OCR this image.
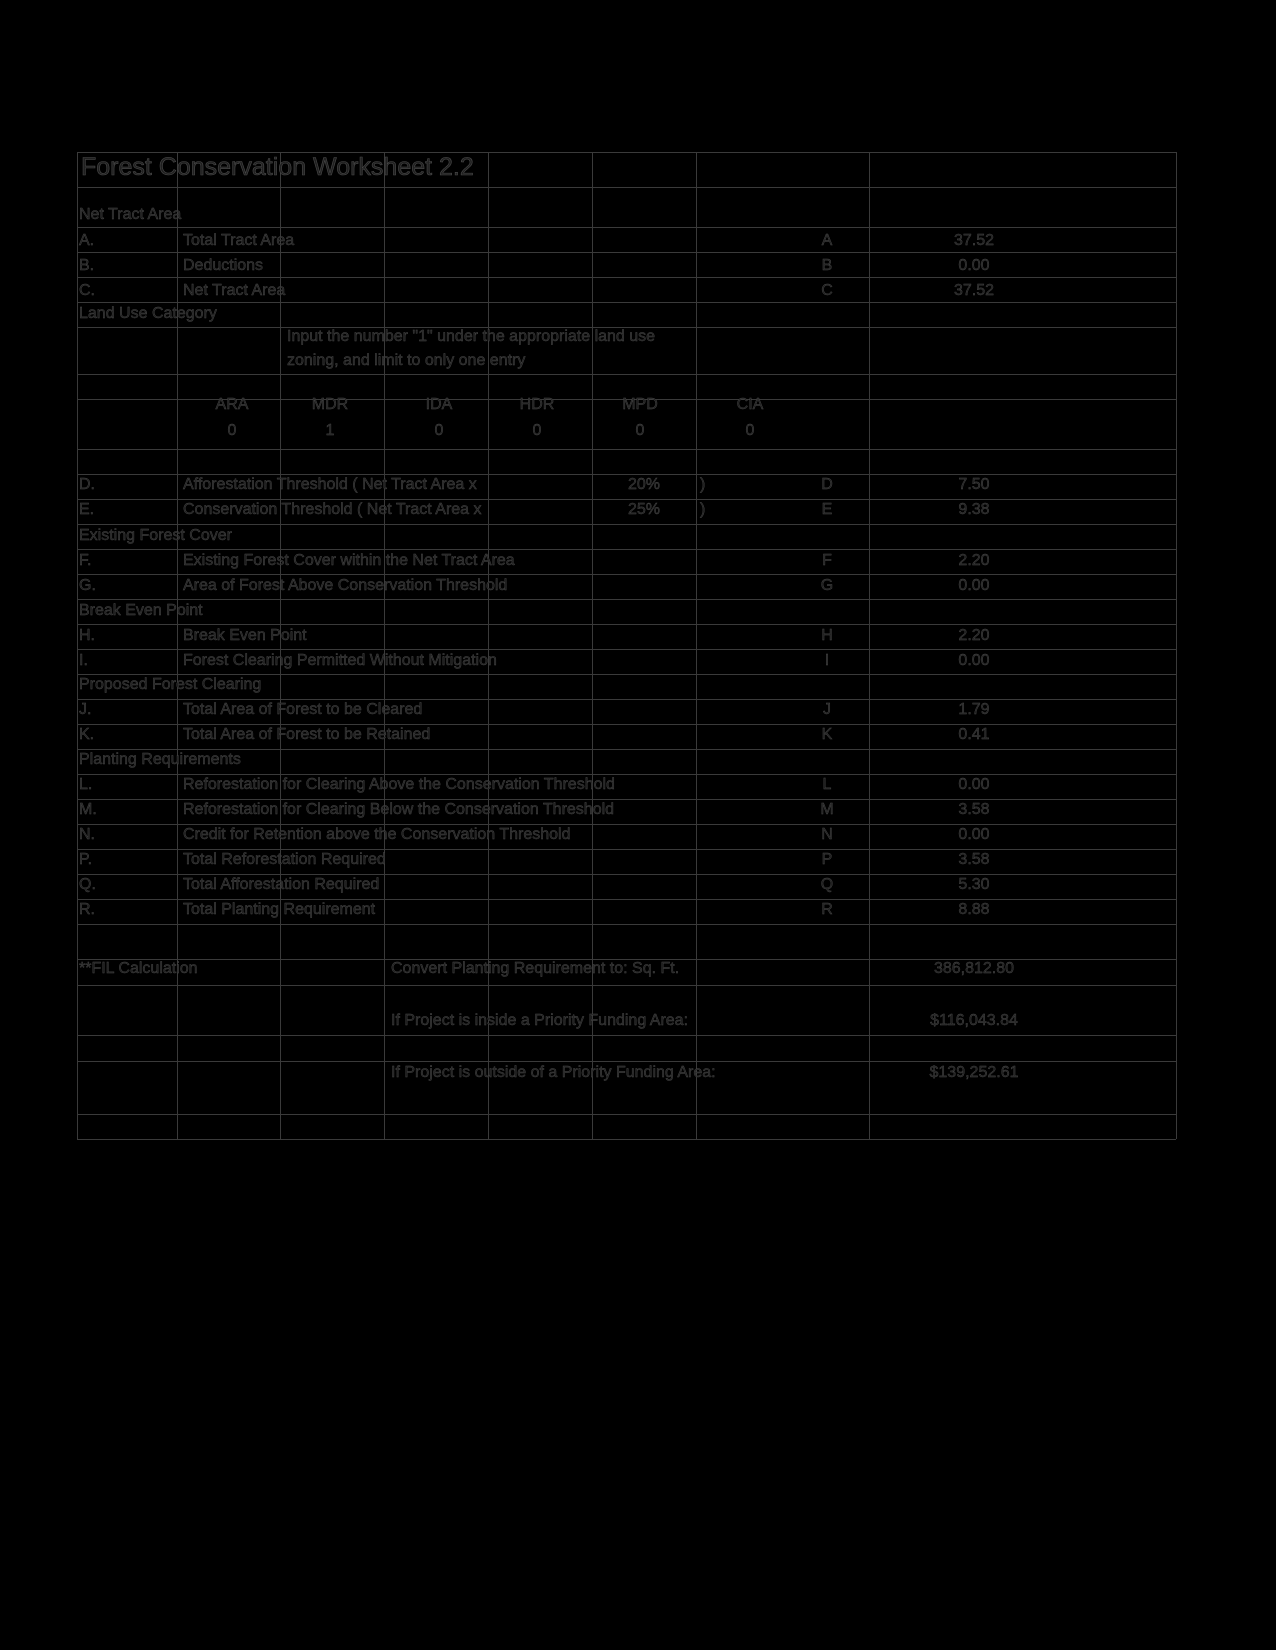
Forest Conservation Worksheet 2.2
Net Tract Area
Land Use Category
Existing Forest Cover
Break Even Point
Proposed Forest Clearing
Planting Requirements
Input the number "1" under the appropriate land use
zoning, and limit to only one entry
ARA	MDR	IDA	HDR	MPD	CIA
0	1	0	0	0	0
A.	Total Tract Area	A	37.52
B.	Deductions	B	0.00
C.	Net Tract Area	C	37.52
D.	Afforestation Threshold ( Net Tract Area x	20% )	D	7.50
E.	Conservation Threshold ( Net Tract Area x	25% )	E	9.38
F.	Existing Forest Cover within the Net Tract Area	F	2.20
G.	Area of Forest Above Conservation Threshold	G	0.00
H.	Break Even Point	H	2.20
I.	Forest Clearing Permitted Without Mitigation	I	0.00
J.	Total Area of Forest to be Cleared	J	1.79
K.	Total Area of Forest to be Retained	K	0.41
L.	Reforestation for Clearing Above the Conservation Threshold	L	0.00
M.	Reforestation for Clearing Below the Conservation Threshold	M	3.58
N.	Credit for Retention above the Conservation Threshold	N	0.00
P.	Total Reforestation Required	P	3.58
Q.	Total Afforestation Required	Q	5.30
R.	Total Planting Requirement	R	8.88
**FIL Calculation	Convert Planting Requirement to: Sq. Ft.	386,812.80
If Project is inside a Priority Funding Area:	$116,043.84
If Project is outside of a Priority Funding Area:	$139,252.61
